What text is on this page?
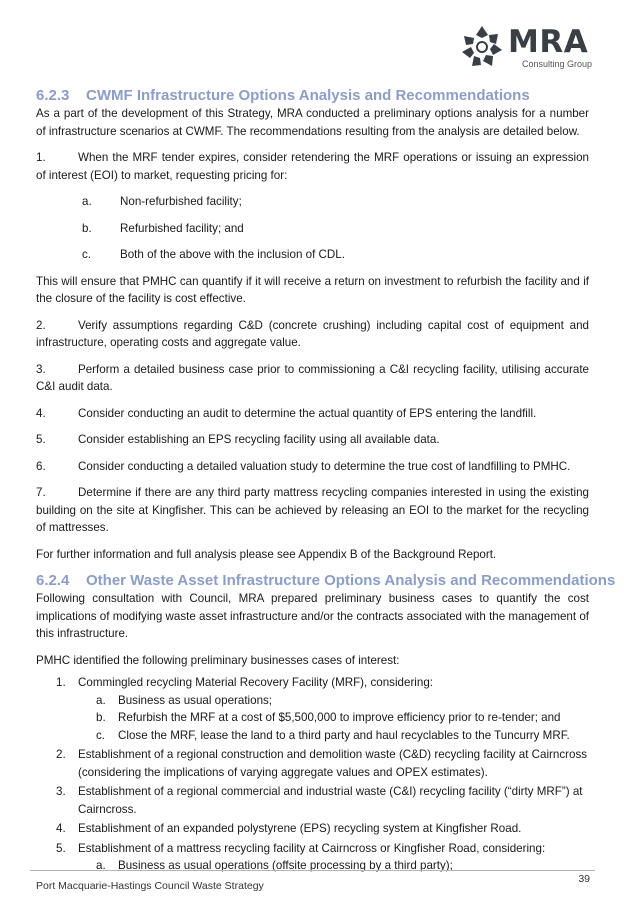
MRA
Consulting Group
6.2.3 CWMF Infrastructure Options Analysis and Recommendations

As a part of the development of this Strategy, MRA conducted a preliminary options analysis for a number of infrastructure scenarios at CWMF. The recommendations resulting from the analysis are detailed below.

1.	When the MRF tender expires, consider retendering the MRF operations or issuing an expression of interest (EOI) to market, requesting pricing for:

a. Non-refurbished facility;
b. Refurbished facility; and
c. Both of the above with the inclusion of CDL.

This will ensure that PMHC can quantify if it will receive a return on investment to refurbish the facility and if the closure of the facility is cost effective.

2.	Verify assumptions regarding C&D (concrete crushing) including capital cost of equipment and infrastructure, operating costs and aggregate value.

3.	Perform a detailed business case prior to commissioning a C&I recycling facility, utilising accurate C&I audit data.

4.	Consider conducting an audit to determine the actual quantity of EPS entering the landfill.

5.	Consider establishing an EPS recycling facility using all available data.

6.	Consider conducting a detailed valuation study to determine the true cost of landfilling to PMHC.

7.	Determine if there are any third party mattress recycling companies interested in using the existing building on the site at Kingfisher. This can be achieved by releasing an EOI to the market for the recycling of mattresses.

For further information and full analysis please see Appendix B of the Background Report.

6.2.4 Other Waste Asset Infrastructure Options Analysis and Recommendations

Following consultation with Council, MRA prepared preliminary business cases to quantify the cost implications of modifying waste asset infrastructure and/or the contracts associated with the management of this infrastructure.

PMHC identified the following preliminary businesses cases of interest:

1. Commingled recycling Material Recovery Facility (MRF), considering:
a. Business as usual operations;
b. Refurbish the MRF at a cost of $5,500,000 to improve efficiency prior to re-tender; and
c. Close the MRF, lease the land to a third party and haul recyclables to the Tuncurry MRF.
2. Establishment of a regional construction and demolition waste (C&D) recycling facility at Cairncross (considering the implications of varying aggregate values and OPEX estimates).
3. Establishment of a regional commercial and industrial waste (C&I) recycling facility (“dirty MRF”) at Cairncross.
4. Establishment of an expanded polystyrene (EPS) recycling system at Kingfisher Road.
5. Establishment of a mattress recycling facility at Cairncross or Kingfisher Road, considering:
a. Business as usual operations (offsite processing by a third party);
Port Macquarie-Hastings Council Waste Strategy
39
